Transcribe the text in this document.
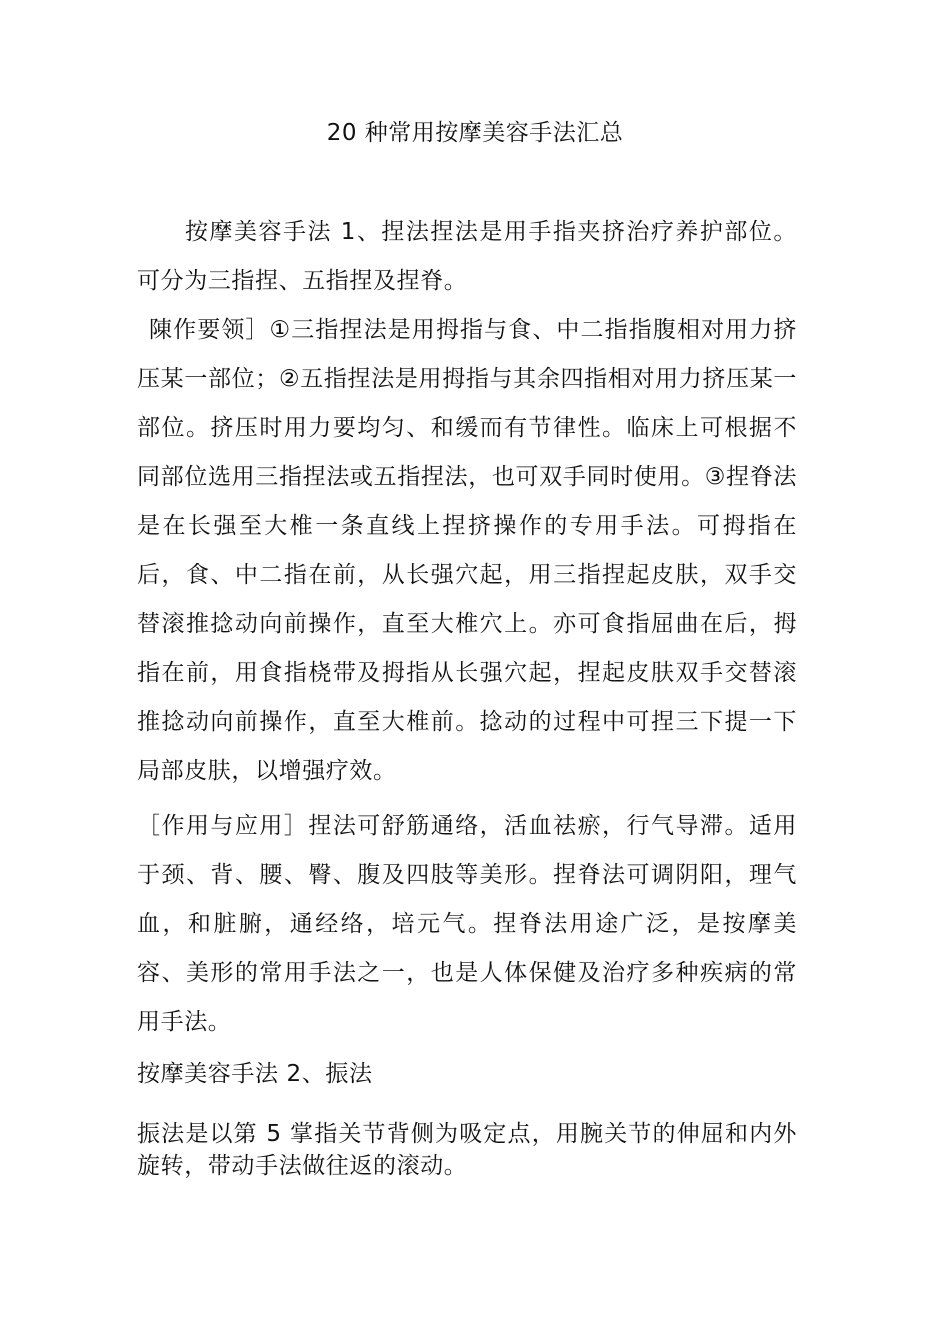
20 种常用按摩美容手法汇总

按摩美容手法 1、捏法捏法是用手指夹挤治疗养护部位。可分为三指捏、五指捏及捏脊。

陳作要领］①三指捏法是用拇指与食、中二指指腹相对用力挤压某一部位；②五指捏法是用拇指与其余四指相对用力挤压某一部位。挤压时用力要均匀、和缓而有节律性。临床上可根据不同部位选用三指捏法或五指捏法，也可双手同时使用。③捏脊法是在长强至大椎一条直线上捏挤操作的专用手法。可拇指在后，食、中二指在前，从长强穴起，用三指捏起皮肤，双手交替滚推捻动向前操作，直至大椎穴上。亦可食指屈曲在后，拇指在前，用食指桡带及拇指从长强穴起，捏起皮肤双手交替滚推捻动向前操作，直至大椎前。捻动的过程中可捏三下提一下局部皮肤，以增强疗效。

［作用与应用］捏法可舒筋通络，活血祛瘀，行气导滞。适用于颈、背、腰、臀、腹及四肢等美形。捏脊法可调阴阳，理气血，和脏腑，通经络，培元气。捏脊法用途广泛，是按摩美容、美形的常用手法之一，也是人体保健及治疗多种疾病的常用手法。

按摩美容手法 2、振法

振法是以第 5 掌指关节背侧为吸定点，用腕关节的伸屈和内外旋转，带动手法做往返的滚动。
